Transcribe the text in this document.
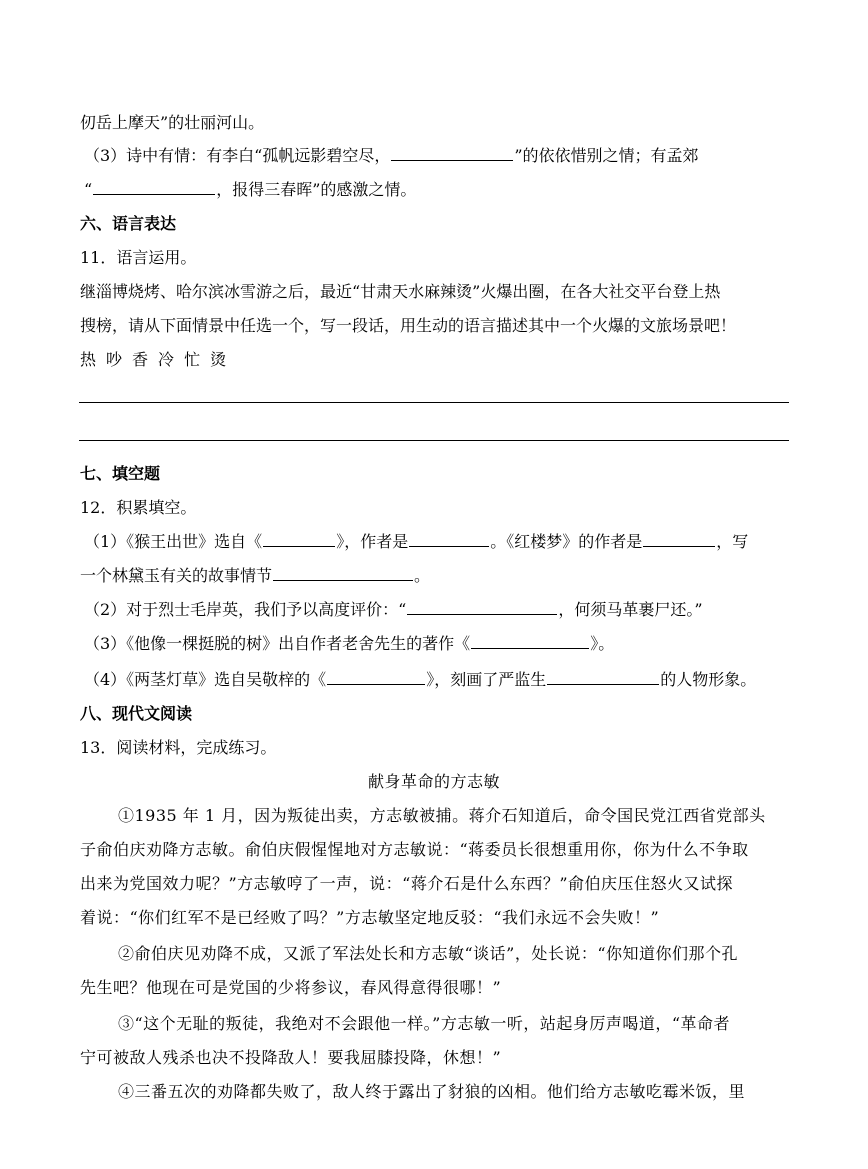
仞岳上摩天”的壮丽河山。
（3）诗中有情：有李白“孤帆远影碧空尽，	”的依依惜别之情；有孟郊
“	，报得三春晖”的感激之情。
六、语言表达
11．语言运用。
继淄博烧烤、哈尔滨冰雪游之后，最近“甘肃天水麻辣烫”火爆出圈，在各大社交平台登上热
搜榜，请从下面情景中任选一个，写一段话，用生动的语言描述其中一个火爆的文旅场景吧！
热 吵 香 冷 忙 烫
七、填空题
12．积累填空。
（1）《猴王出世》选自《	》，作者是	。《红楼梦》的作者是	，写
一个林黛玉有关的故事情节	。
（2）对于烈士毛岸英，我们予以高度评价：“	，何须马革裹尸还。”
（3）《他像一棵挺脱的树》出自作者老舍先生的著作《	》。
（4）《两茎灯草》选自吴敬梓的《	》，刻画了严监生	的人物形象。
八、现代文阅读
13．阅读材料，完成练习。
献身革命的方志敏
①1935 年 1 月，因为叛徒出卖，方志敏被捕。蒋介石知道后，命令国民党江西省党部头
子俞伯庆劝降方志敏。俞伯庆假惺惺地对方志敏说：“蒋委员长很想重用你，你为什么不争取
出来为党国效力呢？”方志敏哼了一声，说：“蒋介石是什么东西？”俞伯庆压住怒火又试探
着说：“你们红军不是已经败了吗？”方志敏坚定地反驳：“我们永远不会失败！”
②俞伯庆见劝降不成，又派了军法处长和方志敏“谈话”，处长说：“你知道你们那个孔
先生吧？他现在可是党国的少将参议，春风得意得很哪！”
③“这个无耻的叛徒，我绝对不会跟他一样。”方志敏一听，站起身厉声喝道，“革命者
宁可被敌人残杀也决不投降敌人！要我屈膝投降，休想！”
④三番五次的劝降都失败了，敌人终于露出了豺狼的凶相。他们给方志敏吃霉米饭，里
